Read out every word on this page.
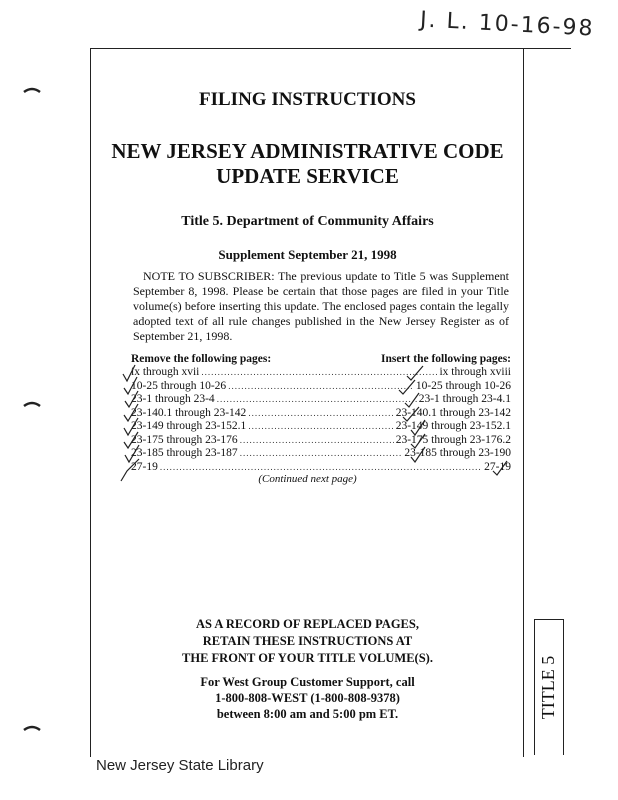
J. L. 10-16-98
FILING INSTRUCTIONS
NEW JERSEY ADMINISTRATIVE CODE
UPDATE SERVICE
Title 5. Department of Community Affairs
Supplement September 21, 1998
NOTE TO SUBSCRIBER: The previous update to Title 5 was Supplement September 8, 1998. Please be certain that those pages are filed in your Title volume(s) before inserting this update. The enclosed pages contain the legally adopted text of all rule changes published in the New Jersey Register as of September 21, 1998.
Remove the following pages:	Insert the following pages:
ix through xvii .....	ix through xviii
10-25 through 10-26 .....	10-25 through 10-26
23-1 through 23-4 .....	23-1 through 23-4.1
23-140.1 through 23-142 .....	23-140.1 through 23-142
23-149 through 23-152.1 .....	23-149 through 23-152.1
23-175 through 23-176 .....	23-175 through 23-176.2
23-185 through 23-187 .....	23-185 through 23-190
27-19 .....	27-19
(Continued next page)
AS A RECORD OF REPLACED PAGES,
RETAIN THESE INSTRUCTIONS AT
THE FRONT OF YOUR TITLE VOLUME(S).
For West Group Customer Support, call
1-800-808-WEST (1-800-808-9378)
between 8:00 am and 5:00 pm ET.	TITLE 5
New Jersey State Library
